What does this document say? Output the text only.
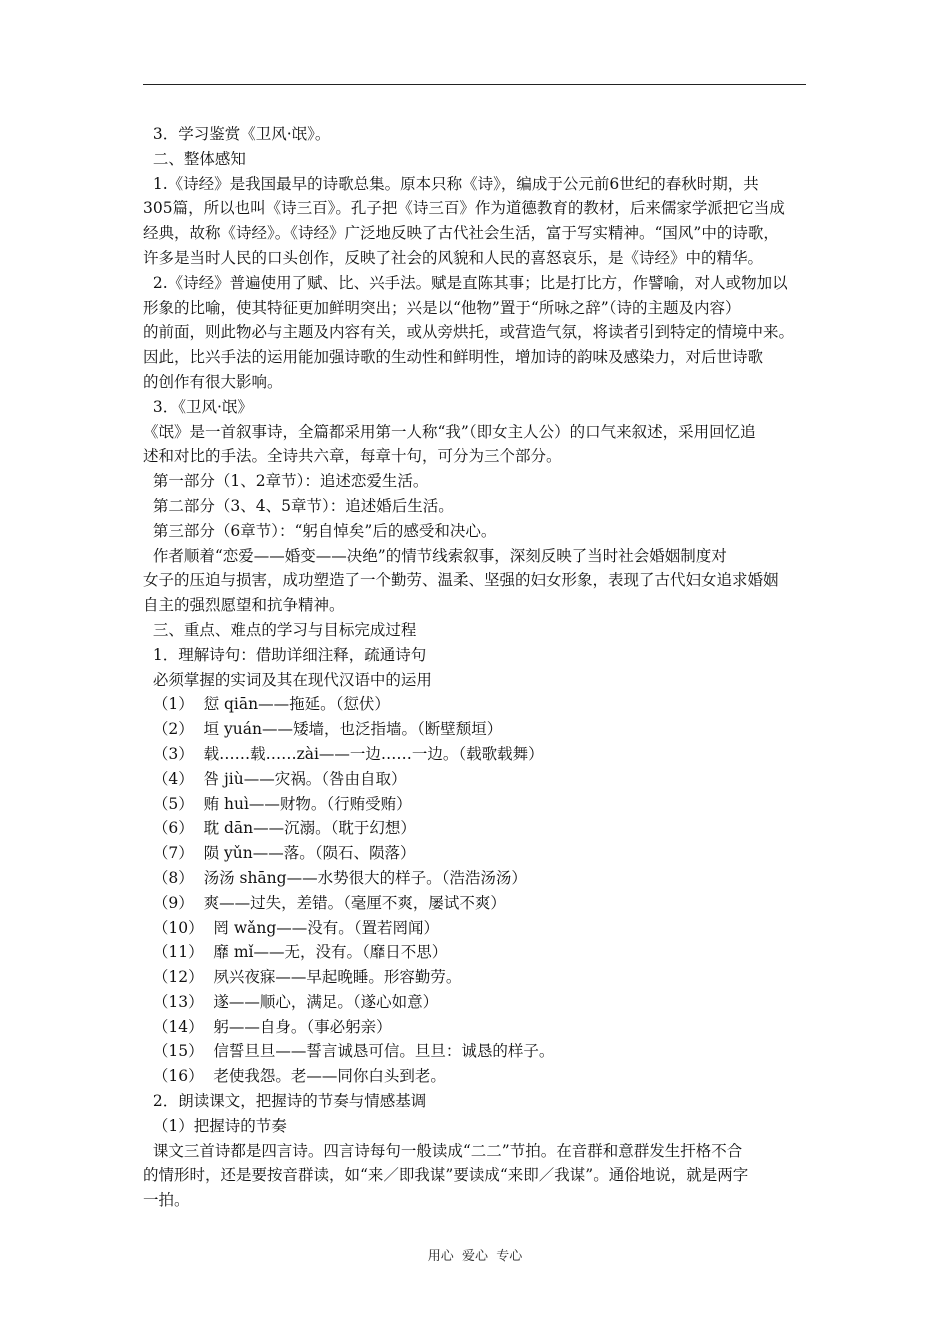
3．学习鉴赏《卫风·氓》。
二、整体感知
1.《诗经》是我国最早的诗歌总集。原本只称《诗》，编成于公元前6世纪的春秋时期，共
305篇，所以也叫《诗三百》。孔子把《诗三百》作为道德教育的教材，后来儒家学派把它当成
经典，故称《诗经》。《诗经》广泛地反映了古代社会生活，富于写实精神。“国风”中的诗歌，
许多是当时人民的口头创作，反映了社会的风貌和人民的喜怒哀乐，是《诗经》中的精华。
2.《诗经》普遍使用了赋、比、兴手法。赋是直陈其事；比是打比方，作譬喻，对人或物加以
形象的比喻，使其特征更加鲜明突出；兴是以“他物”置于“所咏之辞”（诗的主题及内容）
的前面，则此物必与主题及内容有关，或从旁烘托，或营造气氛，将读者引到特定的情境中来。
因此，比兴手法的运用能加强诗歌的生动性和鲜明性，增加诗的韵味及感染力，对后世诗歌
的创作有很大影响。
3．《卫风·氓》
《氓》是一首叙事诗，全篇都采用第一人称“我”（即女主人公）的口气来叙述，采用回忆追
述和对比的手法。全诗共六章，每章十句，可分为三个部分。
第一部分（1、2章节）：追述恋爱生活。
第二部分（3、4、5章节）：追述婚后生活。
第三部分（6章节）：“躬自悼矣”后的感受和决心。
作者顺着“恋爱——婚变——决绝”的情节线索叙事，深刻反映了当时社会婚姻制度对
女子的压迫与损害，成功塑造了一个勤劳、温柔、坚强的妇女形象，表现了古代妇女追求婚姻
自主的强烈愿望和抗争精神。
三、重点、难点的学习与目标完成过程
1．理解诗句：借助详细注释，疏通诗句
必须掌握的实词及其在现代汉语中的运用
（1）  愆 qiān——拖延。（愆伏）
（2）  垣 yuán——矮墙，也泛指墙。（断壁颓垣）
（3）  载……载……zài——一边……一边。（载歌载舞）
（4）  咎 jiù——灾祸。（咎由自取）
（5）  贿 huì——财物。（行贿受贿）
（6）  耽 dān——沉溺。（耽于幻想）
（7）  陨 yǔn——落。（陨石、陨落）
（8）  汤汤 shāng——水势很大的样子。（浩浩汤汤）
（9）  爽——过失，差错。（毫厘不爽，屡试不爽）
（10）  罔 wǎng——没有。（置若罔闻）
（11）  靡 mǐ——无，没有。（靡日不思）
（12）  夙兴夜寐——早起晚睡。形容勤劳。
（13）  遂——顺心，满足。（遂心如意）
（14）  躬——自身。（事必躬亲）
（15）  信誓旦旦——誓言诚恳可信。旦旦：诚恳的样子。
（16）  老使我怨。老——同你白头到老。
2．朗读课文，把握诗的节奏与情感基调
（1）把握诗的节奏
课文三首诗都是四言诗。四言诗每句一般读成“二二”节拍。在音群和意群发生扞格不合
的情形时，还是要按音群读，如“来／即我谋”要读成“来即／我谋”。通俗地说，就是两字
一拍。
用心  爱心  专心
